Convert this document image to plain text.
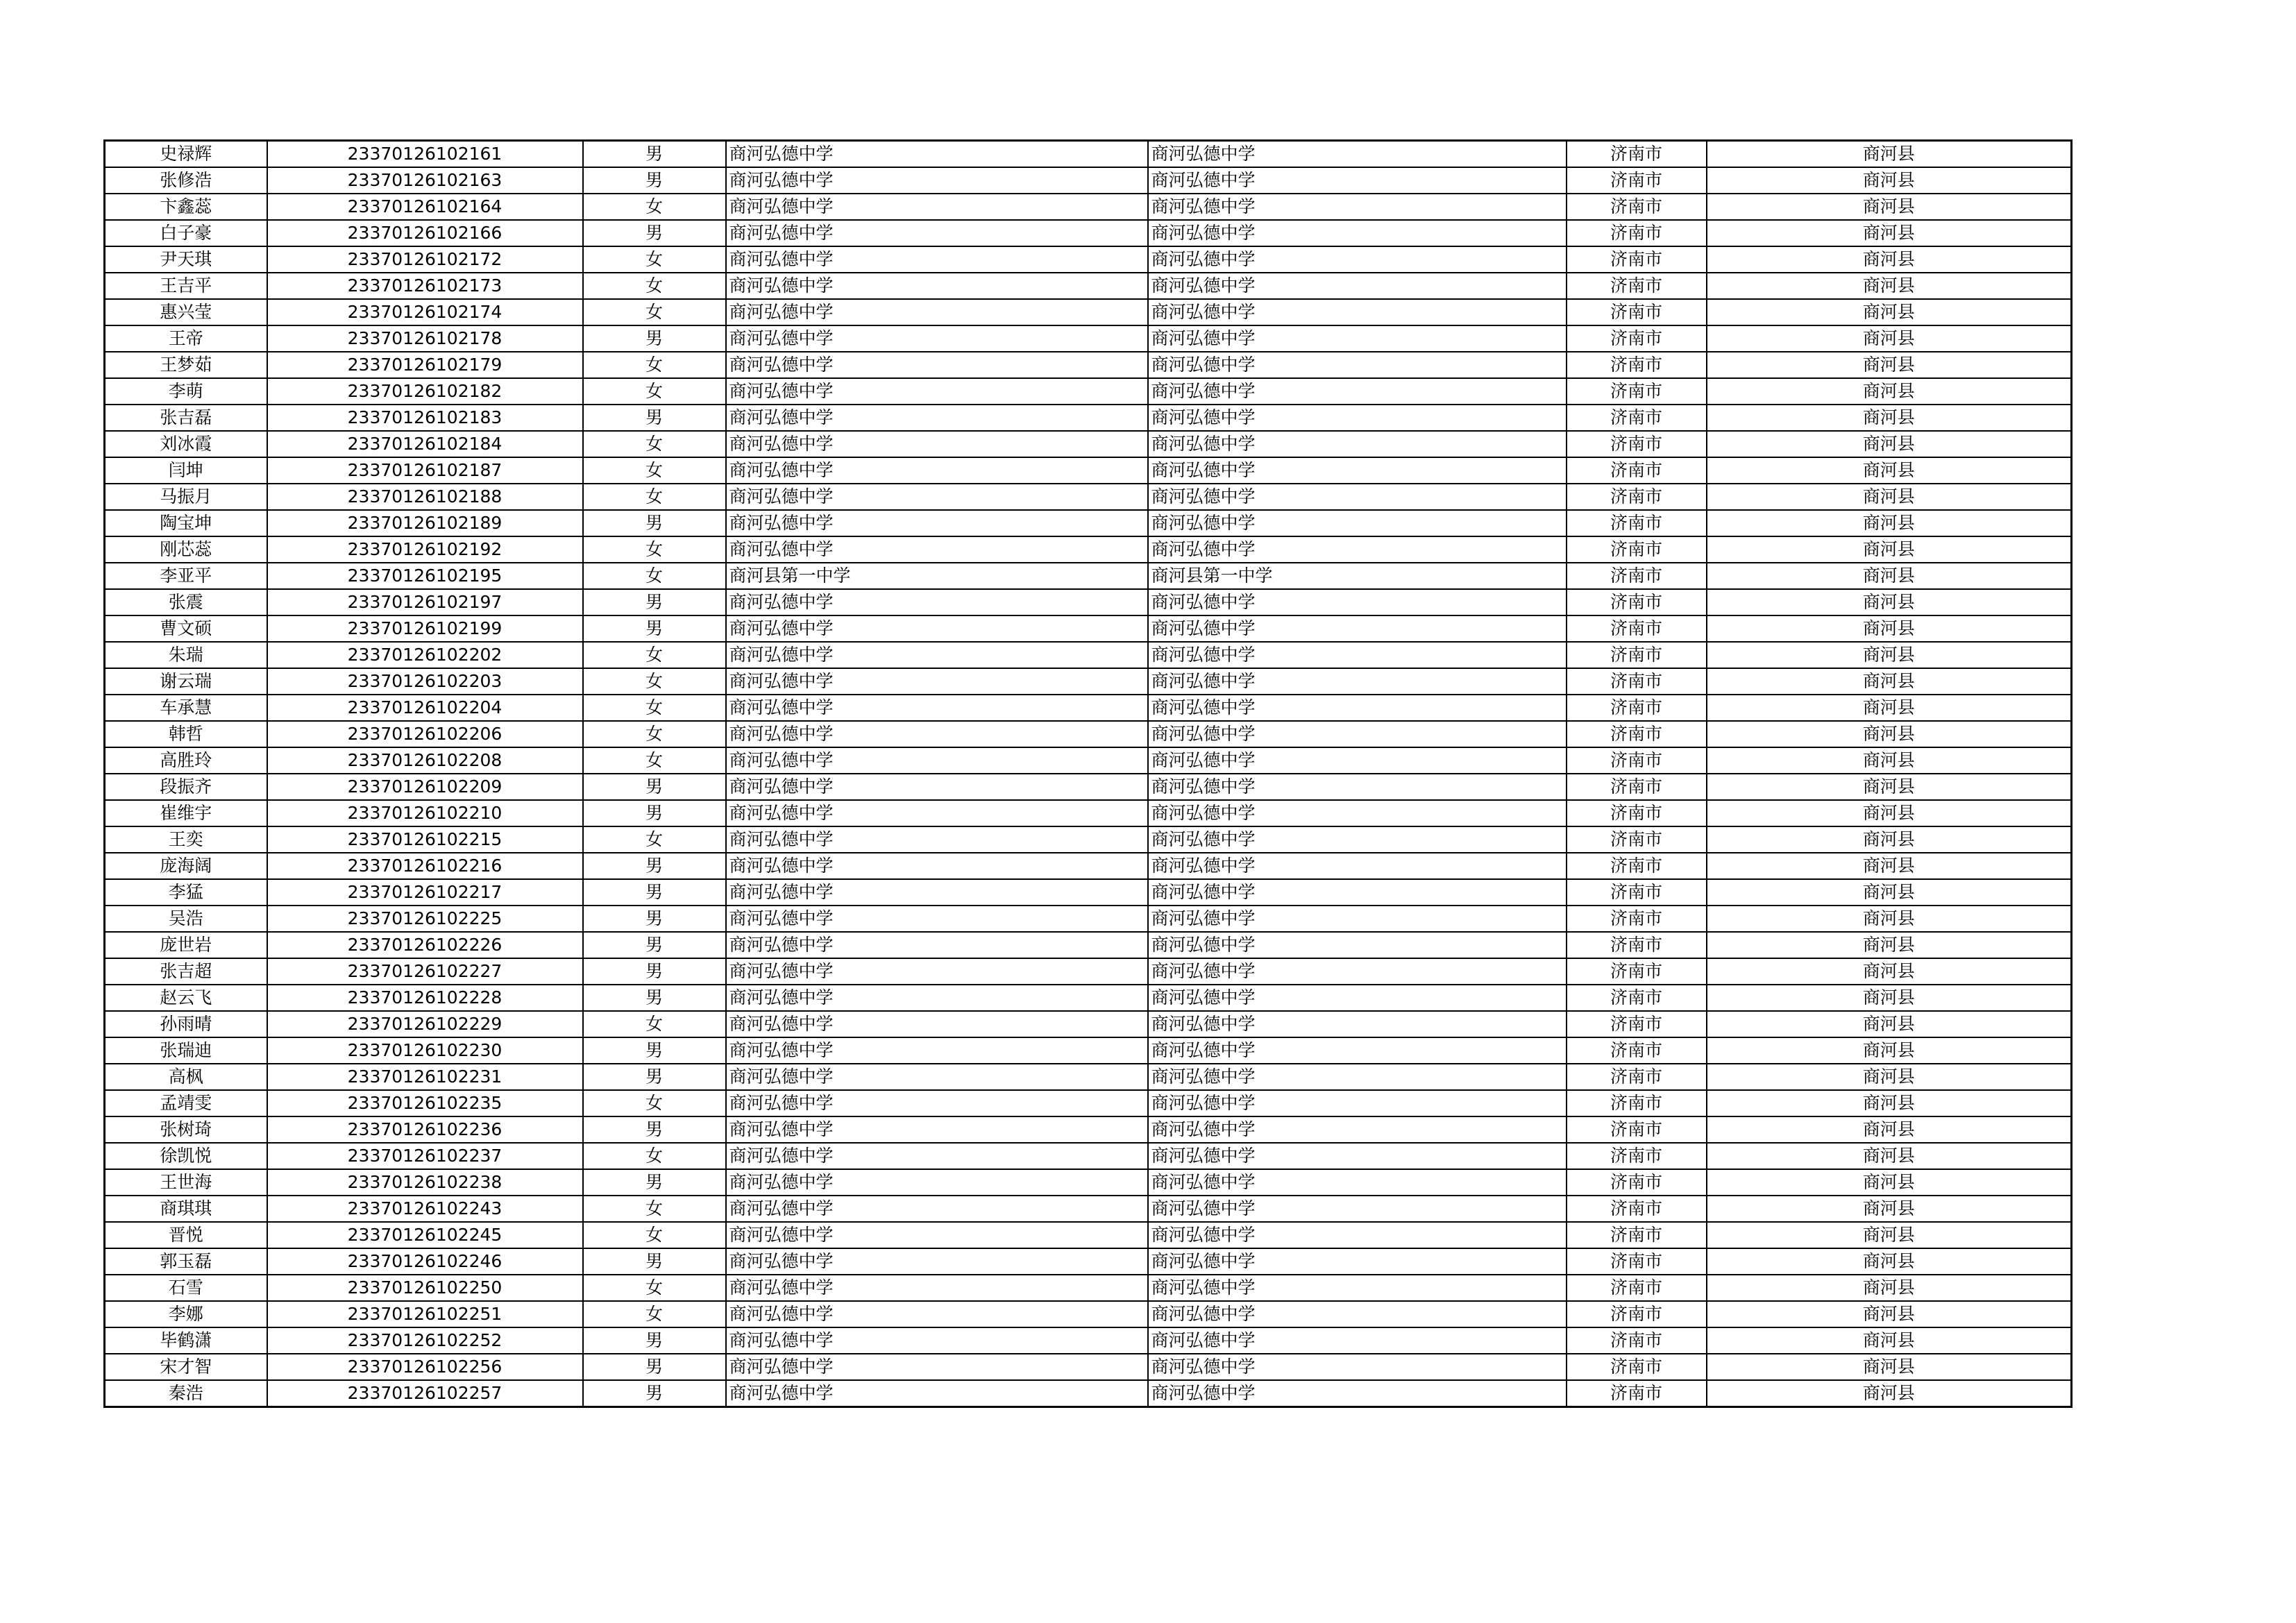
史禄辉	23370126102161	男	商河弘德中学	商河弘德中学	济南市	商河县
张修浩	23370126102163	男	商河弘德中学	商河弘德中学	济南市	商河县
卞鑫蕊	23370126102164	女	商河弘德中学	商河弘德中学	济南市	商河县
白子豪	23370126102166	男	商河弘德中学	商河弘德中学	济南市	商河县
尹天琪	23370126102172	女	商河弘德中学	商河弘德中学	济南市	商河县
王吉平	23370126102173	女	商河弘德中学	商河弘德中学	济南市	商河县
惠兴莹	23370126102174	女	商河弘德中学	商河弘德中学	济南市	商河县
王帝	23370126102178	男	商河弘德中学	商河弘德中学	济南市	商河县
王梦茹	23370126102179	女	商河弘德中学	商河弘德中学	济南市	商河县
李萌	23370126102182	女	商河弘德中学	商河弘德中学	济南市	商河县
张吉磊	23370126102183	男	商河弘德中学	商河弘德中学	济南市	商河县
刘冰霞	23370126102184	女	商河弘德中学	商河弘德中学	济南市	商河县
闫坤	23370126102187	女	商河弘德中学	商河弘德中学	济南市	商河县
马振月	23370126102188	女	商河弘德中学	商河弘德中学	济南市	商河县
陶宝坤	23370126102189	男	商河弘德中学	商河弘德中学	济南市	商河县
刚芯蕊	23370126102192	女	商河弘德中学	商河弘德中学	济南市	商河县
李亚平	23370126102195	女	商河县第一中学	商河县第一中学	济南市	商河县
张震	23370126102197	男	商河弘德中学	商河弘德中学	济南市	商河县
曹文硕	23370126102199	男	商河弘德中学	商河弘德中学	济南市	商河县
朱瑞	23370126102202	女	商河弘德中学	商河弘德中学	济南市	商河县
谢云瑞	23370126102203	女	商河弘德中学	商河弘德中学	济南市	商河县
车承慧	23370126102204	女	商河弘德中学	商河弘德中学	济南市	商河县
韩哲	23370126102206	女	商河弘德中学	商河弘德中学	济南市	商河县
高胜玲	23370126102208	女	商河弘德中学	商河弘德中学	济南市	商河县
段振齐	23370126102209	男	商河弘德中学	商河弘德中学	济南市	商河县
崔维宇	23370126102210	男	商河弘德中学	商河弘德中学	济南市	商河县
王奕	23370126102215	女	商河弘德中学	商河弘德中学	济南市	商河县
庞海阔	23370126102216	男	商河弘德中学	商河弘德中学	济南市	商河县
李猛	23370126102217	男	商河弘德中学	商河弘德中学	济南市	商河县
吴浩	23370126102225	男	商河弘德中学	商河弘德中学	济南市	商河县
庞世岩	23370126102226	男	商河弘德中学	商河弘德中学	济南市	商河县
张吉超	23370126102227	男	商河弘德中学	商河弘德中学	济南市	商河县
赵云飞	23370126102228	男	商河弘德中学	商河弘德中学	济南市	商河县
孙雨晴	23370126102229	女	商河弘德中学	商河弘德中学	济南市	商河县
张瑞迪	23370126102230	男	商河弘德中学	商河弘德中学	济南市	商河县
高枫	23370126102231	男	商河弘德中学	商河弘德中学	济南市	商河县
孟靖雯	23370126102235	女	商河弘德中学	商河弘德中学	济南市	商河县
张树琦	23370126102236	男	商河弘德中学	商河弘德中学	济南市	商河县
徐凯悦	23370126102237	女	商河弘德中学	商河弘德中学	济南市	商河县
王世海	23370126102238	男	商河弘德中学	商河弘德中学	济南市	商河县
商琪琪	23370126102243	女	商河弘德中学	商河弘德中学	济南市	商河县
晋悦	23370126102245	女	商河弘德中学	商河弘德中学	济南市	商河县
郭玉磊	23370126102246	男	商河弘德中学	商河弘德中学	济南市	商河县
石雪	23370126102250	女	商河弘德中学	商河弘德中学	济南市	商河县
李娜	23370126102251	女	商河弘德中学	商河弘德中学	济南市	商河县
毕鹤潇	23370126102252	男	商河弘德中学	商河弘德中学	济南市	商河县
宋才智	23370126102256	男	商河弘德中学	商河弘德中学	济南市	商河县
秦浩	23370126102257	男	商河弘德中学	商河弘德中学	济南市	商河县
